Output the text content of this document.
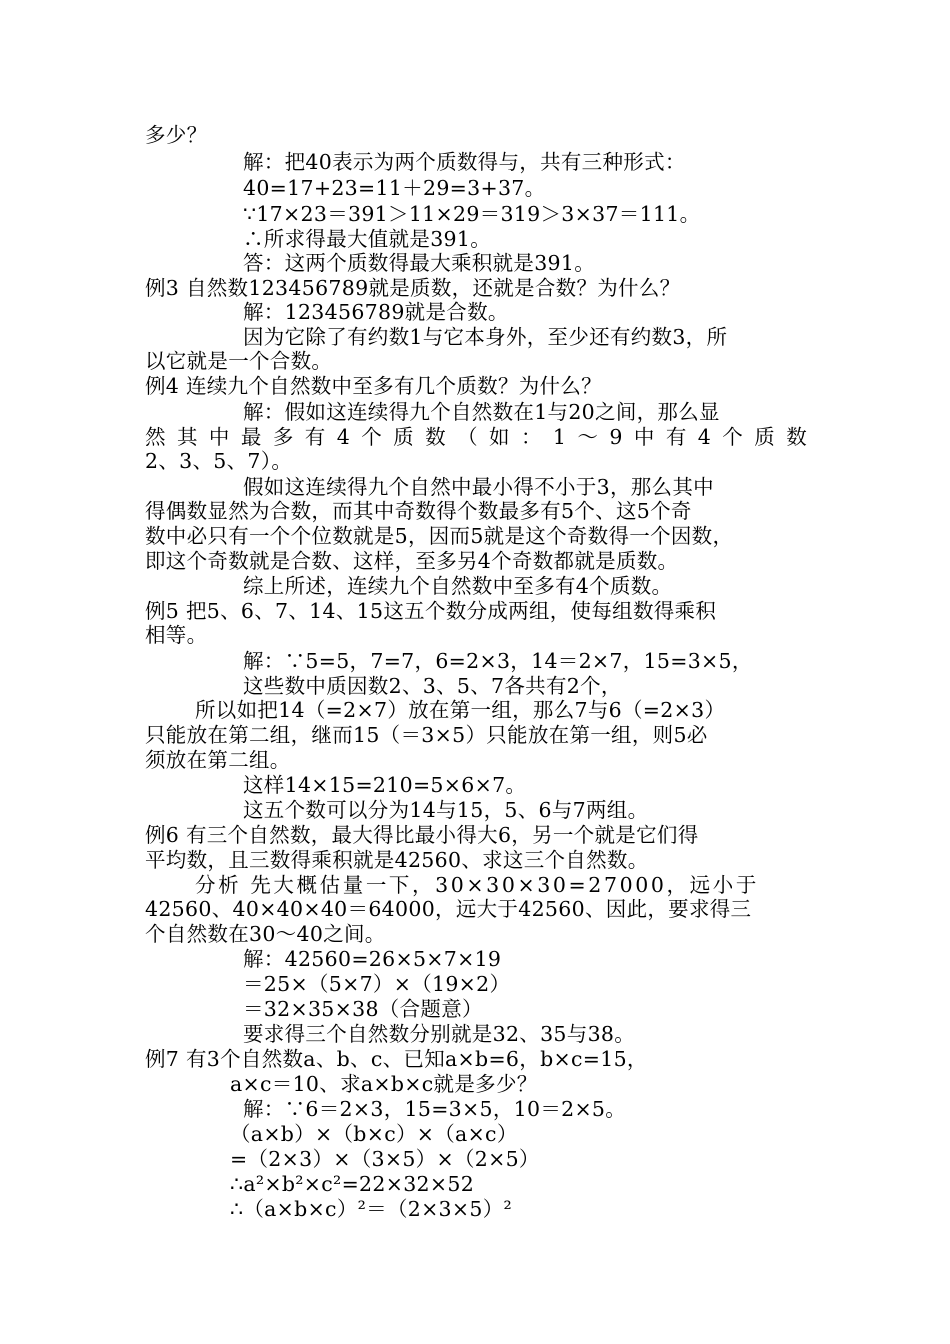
多少？
解：把40表示为两个质数得与，共有三种形式：
40=17+23=11＋29=3+37。
∵17×23＝391＞11×29＝319＞3×37＝111。
∴所求得最大值就是391。
答：这两个质数得最大乘积就是391。
例3 自然数123456789就是质数，还就是合数？为什么？
解：123456789就是合数。
因为它除了有约数1与它本身外，至少还有约数3，所
以它就是一个合数。
例4 连续九个自然数中至多有几个质数？为什么？
解：假如这连续得九个自然数在1与20之间，那么显
然其中最多有4个质数（如：1～9中有4个质数
2、3、5、7）。
假如这连续得九个自然中最小得不小于3，那么其中
得偶数显然为合数，而其中奇数得个数最多有5个、这5个奇
数中必只有一个个位数就是5，因而5就是这个奇数得一个因数，
即这个奇数就是合数、这样，至多另4个奇数都就是质数。
综上所述，连续九个自然数中至多有4个质数。
例5 把5、6、7、14、15这五个数分成两组，使每组数得乘积
相等。
解：∵5=5，7=7，6=2×3，14＝2×7，15=3×5，
这些数中质因数2、3、5、7各共有2个，
所以如把14（=2×7）放在第一组，那么7与6（=2×3）
只能放在第二组，继而15（＝3×5）只能放在第一组，则5必
须放在第二组。
这样14×15=210=5×6×7。
这五个数可以分为14与15，5、6与7两组。
例6 有三个自然数，最大得比最小得大6，另一个就是它们得
平均数，且三数得乘积就是42560、求这三个自然数。
分析 先大概估量一下，30×30×30=27000，远小于
42560、40×40×40＝64000，远大于42560、因此，要求得三
个自然数在30～40之间。
解：42560=26×5×7×19
＝25×（5×7）×（19×2）
＝32×35×38（合题意）
要求得三个自然数分别就是32、35与38。
例7 有3个自然数a、b、c、已知a×b=6，b×c=15，
a×c＝10、求a×b×c就是多少？
解：∵6＝2×3，15=3×5，10＝2×5。
（a×b）×（b×c）×（a×c）
=（2×3）×（3×5）×（2×5）
∴a²×b²×c²=22×32×52
∴（a×b×c）²＝（2×3×5）²
